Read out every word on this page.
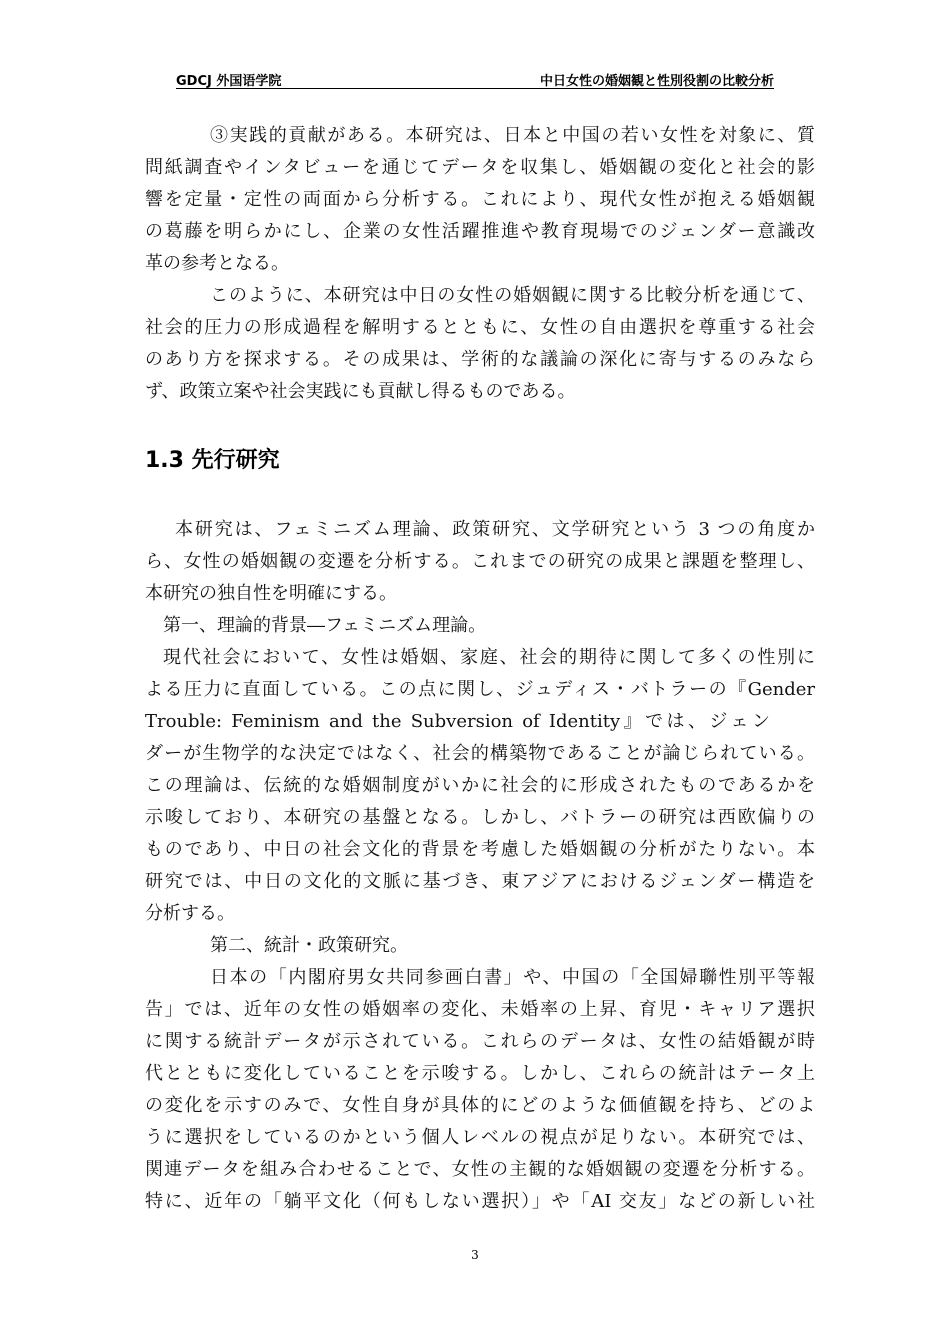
GDCJ 外国语学院	中日女性の婚姻観と性別役割の比較分析
③実践的貢献がある。本研究は、日本と中国の若い女性を対象に、質
問紙調査やインタビューを通じてデータを収集し、婚姻観の変化と社会的影
響を定量・定性の両面から分析する。これにより、現代女性が抱える婚姻観
の葛藤を明らかにし、企業の女性活躍推進や教育現場でのジェンダー意識改
革の参考となる。
このように、本研究は中日の女性の婚姻観に関する比較分析を通じて、
社会的圧力の形成過程を解明するとともに、女性の自由選択を尊重する社会
のあり方を探求する。その成果は、学術的な議論の深化に寄与するのみなら
ず、政策立案や社会実践にも貢献し得るものである。
1.3 先行研究
本研究は、フェミニズム理論、政策研究、文学研究という 3 つの角度か
ら、女性の婚姻観の変遷を分析する。これまでの研究の成果と課題を整理し、
本研究の独自性を明確にする。
第一、理論的背景―フェミニズム理論。
現代社会において、女性は婚姻、家庭、社会的期待に関して多くの性別に
よる圧力に直面している。この点に関し、ジュディス・バトラーの『Gender
Trouble: Feminism and the Subversion of Identity』では、ジェン
ダーが生物学的な決定ではなく、社会的構築物であることが論じられている。
この理論は、伝統的な婚姻制度がいかに社会的に形成されたものであるかを
示唆しており、本研究の基盤となる。しかし、バトラーの研究は西欧偏りの
ものであり、中日の社会文化的背景を考慮した婚姻観の分析がたりない。本
研究では、中日の文化的文脈に基づき、東アジアにおけるジェンダー構造を
分析する。
第二、統計・政策研究。
日本の「内閣府男女共同参画白書」や、中国の「全国婦聯性別平等報
告」では、近年の女性の婚姻率の変化、未婚率の上昇、育児・キャリア選択
に関する統計データが示されている。これらのデータは、女性の結婚観が時
代とともに変化していることを示唆する。しかし、これらの統計はテータ上
の変化を示すのみで、女性自身が具体的にどのような価値観を持ち、どのよ
うに選択をしているのかという個人レベルの視点が足りない。本研究では、
関連データを組み合わせることで、女性の主観的な婚姻観の変遷を分析する。
特に、近年の「躺平文化（何もしない選択）」や「AI 交友」などの新しい社
3
